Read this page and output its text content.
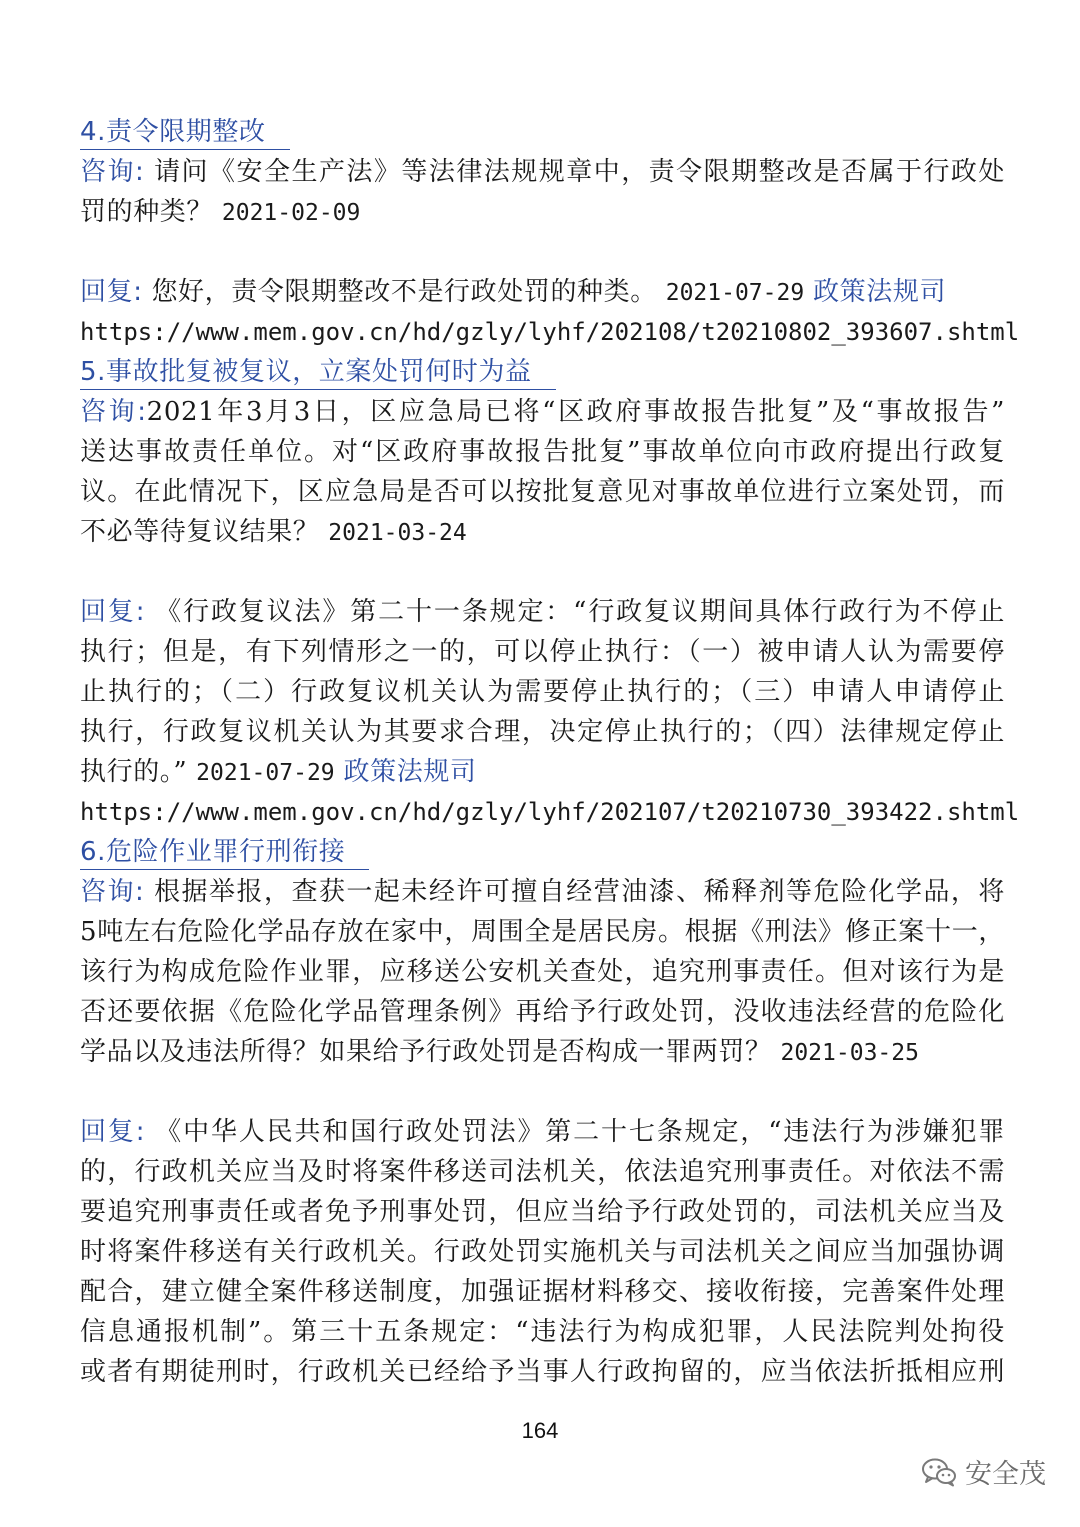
4.责令限期整改
咨询: 请问《安全生产法》等法律法规规章中，责令限期整改是否属于行政处
罚的种类？ 2021-02-09
回复: 您好，责令限期整改不是行政处罚的种类。 2021-07-29 政策法规司
https://www.mem.gov.cn/hd/gzly/lyhf/202108/t20210802_393607.shtml
5.事故批复被复议，立案处罚何时为益
咨询:2021年3月3日，区应急局已将“区政府事故报告批复”及“事故报告”
送达事故责任单位。对“区政府事故报告批复”事故单位向市政府提出行政复
议。在此情况下，区应急局是否可以按批复意见对事故单位进行立案处罚，而
不必等待复议结果？ 2021-03-24
回复: 《行政复议法》第二十一条规定：“行政复议期间具体行政行为不停止
执行；但是，有下列情形之一的，可以停止执行：（一）被申请人认为需要停
止执行的；（二）行政复议机关认为需要停止执行的；（三）申请人申请停止
执行，行政复议机关认为其要求合理，决定停止执行的；（四）法律规定停止
执行的。” 2021-07-29 政策法规司
https://www.mem.gov.cn/hd/gzly/lyhf/202107/t20210730_393422.shtml
6.危险作业罪行刑衔接
咨询: 根据举报，查获一起未经许可擅自经营油漆、稀释剂等危险化学品，将
5吨左右危险化学品存放在家中，周围全是居民房。根据《刑法》修正案十一，
该行为构成危险作业罪，应移送公安机关查处，追究刑事责任。但对该行为是
否还要依据《危险化学品管理条例》再给予行政处罚，没收违法经营的危险化
学品以及违法所得？如果给予行政处罚是否构成一罪两罚？ 2021-03-25
回复: 《中华人民共和国行政处罚法》第二十七条规定，“违法行为涉嫌犯罪
的，行政机关应当及时将案件移送司法机关，依法追究刑事责任。对依法不需
要追究刑事责任或者免予刑事处罚，但应当给予行政处罚的，司法机关应当及
时将案件移送有关行政机关。行政处罚实施机关与司法机关之间应当加强协调
配合，建立健全案件移送制度，加强证据材料移交、接收衔接，完善案件处理
信息通报机制”。第三十五条规定：“违法行为构成犯罪，人民法院判处拘役
或者有期徒刑时，行政机关已经给予当事人行政拘留的，应当依法折抵相应刑
164
安全茂
